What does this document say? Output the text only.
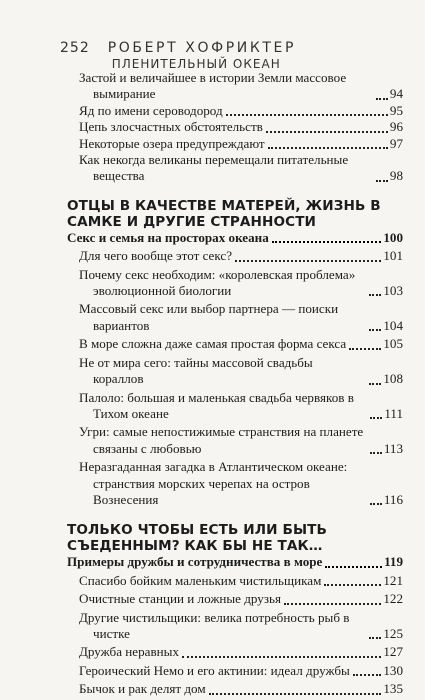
252 РОБЕРТ ХОФРИКТЕР ПЛЕНИТЕЛЬНЫЙ ОКЕАН
Застой и величайшее в истории Земли массовое вымирание	94
Яд по имени сероводород	95
Цепь злосчастных обстоятельств	96
Некоторые озера предупреждают	97
Как некогда великаны перемещали питательные вещества	98
ОТЦЫ В КАЧЕСТВЕ МАТЕРЕЙ, ЖИЗНЬ В САМКЕ И ДРУГИЕ СТРАННОСТИ
Секс и семья на просторах океана	100
Для чего вообще этот секс?	101
Почему секс необходим: «королевская проблема» эволюционной биологии	103
Массовый секс или выбор партнера — поиски вариантов	104
В море сложна даже самая простая форма секса	105
Не от мира сего: тайны массовой свадьбы кораллов	108
Палоло: большая и маленькая свадьба червяков в Тихом океане	111
Угри: самые непостижимые странствия на планете связаны с любовью	113
Неразгаданная загадка в Атлантическом океане: странствия морских черепах на остров Вознесения	116
ТОЛЬКО ЧТОБЫ ЕСТЬ ИЛИ БЫТЬ СЪЕДЕННЫМ? КАК БЫ НЕ ТАК…
Примеры дружбы и сотрудничества в море	119
Спасибо бойким маленьким чистильщикам	121
Очистные станции и ложные друзья	122
Другие чистильщики: велика потребность рыб в чистке	125
Дружба неравных	127
Героический Немо и его актинии: идеал дружбы	130
Бычок и рак делят дом	135
